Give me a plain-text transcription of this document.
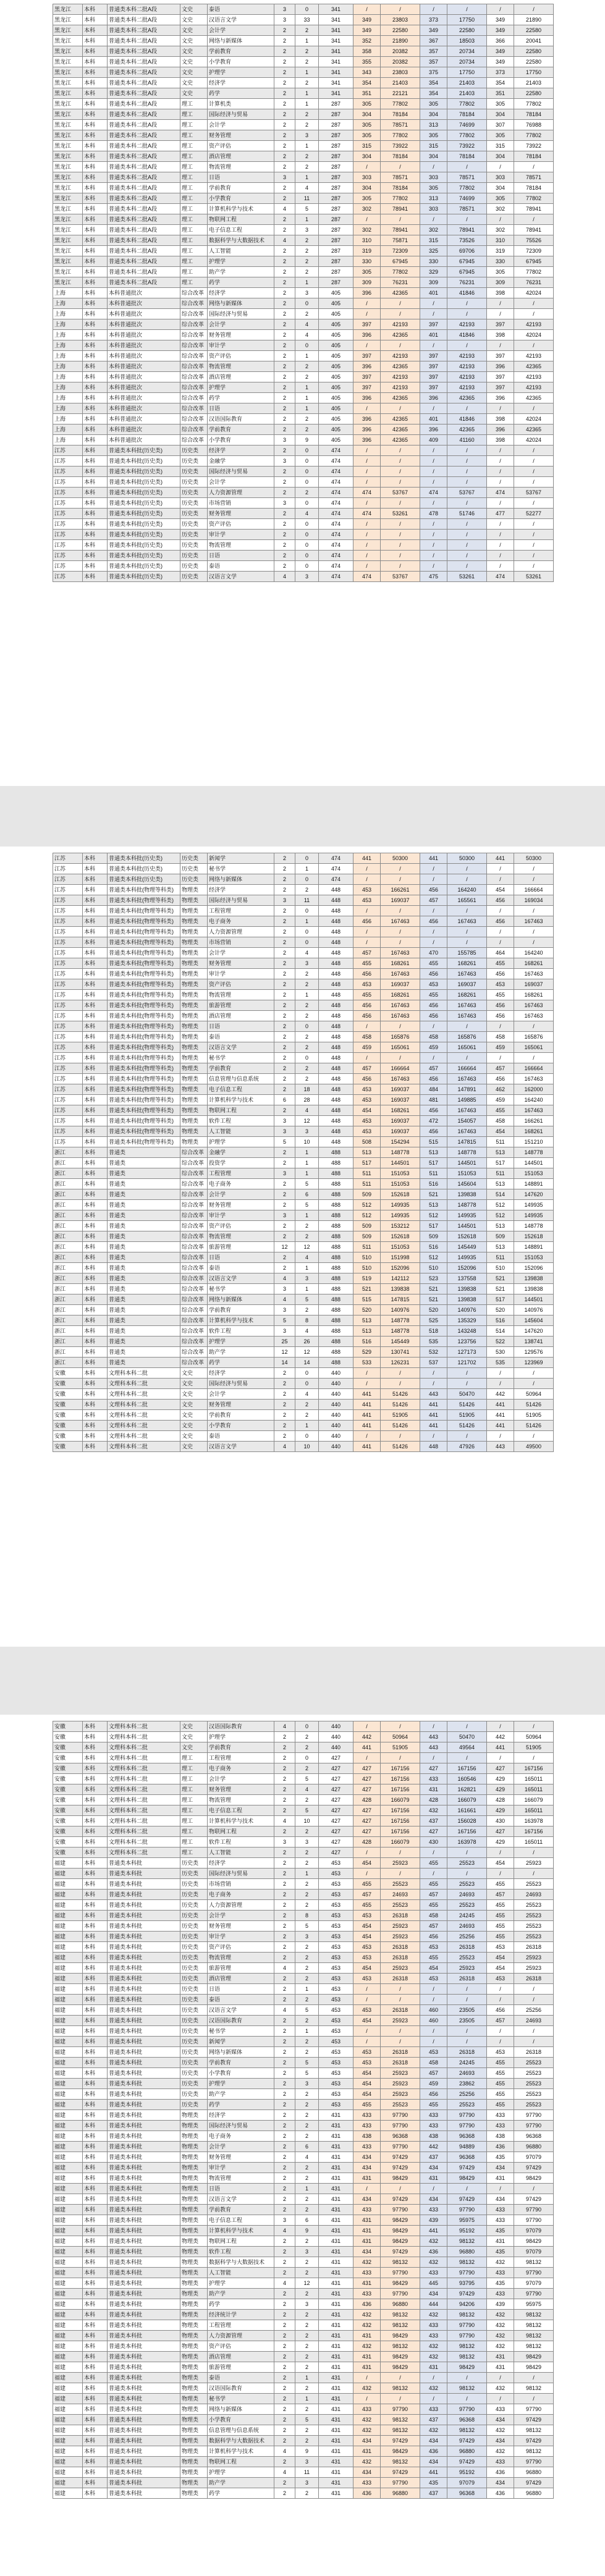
黑龙江	本科	普通类本科二批A段	文史	泰语	3	0	341	/	/	/	/	/	/
黑龙江	本科	普通类本科二批A段	文史	汉语言文学	3	33	341	349	23803	373	17750	349	21890
黑龙江	本科	普通类本科二批A段	文史	会计学	2	2	341	349	22580	349	22580	349	22580
黑龙江	本科	普通类本科二批A段	文史	网络与新媒体	2	1	341	352	21890	367	18503	366	20041
黑龙江	本科	普通类本科二批A段	文史	学前教育	2	2	341	358	20382	357	20734	349	22580
黑龙江	本科	普通类本科二批A段	文史	小学教育	2	2	341	355	20382	357	20734	349	22580
黑龙江	本科	普通类本科二批A段	文史	护理学	2	1	341	343	23803	375	17750	373	17750
黑龙江	本科	普通类本科二批A段	文史	经济学	2	2	341	354	21403	354	21403	354	21403
黑龙江	本科	普通类本科二批A段	文史	药学	2	1	341	351	22121	354	21403	351	22580
黑龙江	本科	普通类本科二批A段	理工	计算机类	2	1	287	305	77802	305	77802	305	77802
黑龙江	本科	普通类本科二批A段	理工	国际经济与贸易	2	2	287	304	78184	304	78184	304	78184
黑龙江	本科	普通类本科二批A段	理工	会计学	2	2	287	305	78571	313	74699	307	76988
黑龙江	本科	普通类本科二批A段	理工	财务管理	2	3	287	305	77802	305	77802	305	77802
黑龙江	本科	普通类本科二批A段	理工	资产评估	2	1	287	315	73922	315	73922	315	73922
黑龙江	本科	普通类本科二批A段	理工	酒店管理	2	2	287	304	78184	304	78184	304	78184
黑龙江	本科	普通类本科二批A段	理工	物流管理	2	2	287	/	/	/	/	/	/
黑龙江	本科	普通类本科二批A段	理工	日语	3	1	287	303	78571	303	78571	303	78571
黑龙江	本科	普通类本科二批A段	理工	学前教育	2	4	287	304	78184	305	77802	304	78184
黑龙江	本科	普通类本科二批A段	理工	小学教育	2	11	287	305	77802	313	74699	305	77802
黑龙江	本科	普通类本科二批A段	理工	计算机科学与技术	4	5	287	302	78941	303	78571	302	78941
黑龙江	本科	普通类本科二批A段	理工	物联网工程	2	1	287	/	/	/	/	/	/
黑龙江	本科	普通类本科二批A段	理工	电子信息工程	2	3	287	302	78941	302	78941	302	78941
黑龙江	本科	普通类本科二批A段	理工	数据科学与大数据技术	4	2	287	310	75871	315	73526	310	75526
黑龙江	本科	普通类本科二批A段	理工	人工智能	2	2	287	319	72309	325	69706	319	72309
黑龙江	本科	普通类本科二批A段	理工	护理学	2	2	287	330	67945	330	67945	330	67945
黑龙江	本科	普通类本科二批A段	理工	助产学	2	2	287	305	77802	329	67945	305	77802
黑龙江	本科	普通类本科二批A段	理工	药学	2	1	287	309	76231	309	76231	309	76231
上海	本科	本科普通批次	综合改革	经济学	2	3	405	396	42365	401	41846	398	42024
上海	本科	本科普通批次	综合改革	网络与新媒体	2	0	405	/	/	/	/	/	/
上海	本科	本科普通批次	综合改革	国际经济与贸易	2	2	405	/	/	/	/	/	/
上海	本科	本科普通批次	综合改革	会计学	2	4	405	397	42193	397	42193	397	42193
上海	本科	本科普通批次	综合改革	财务管理	2	4	405	396	42365	401	41846	398	42024
上海	本科	本科普通批次	综合改革	审计学	2	0	405	/	/	/	/	/	/
上海	本科	本科普通批次	综合改革	资产评估	2	1	405	397	42193	397	42193	397	42193
上海	本科	本科普通批次	综合改革	物流管理	2	2	405	396	42365	397	42193	396	42365
上海	本科	本科普通批次	综合改革	酒店管理	2	2	405	397	42193	397	42193	397	42193
上海	本科	本科普通批次	综合改革	护理学	2	1	405	397	42193	397	42193	397	42193
上海	本科	本科普通批次	综合改革	药学	2	1	405	396	42365	396	42365	396	42365
上海	本科	本科普通批次	综合改革	日语	2	1	405	/	/	/	/	/	/
上海	本科	本科普通批次	综合改革	汉语国际教育	2	2	405	396	42365	401	41846	398	42024
上海	本科	本科普通批次	综合改革	学前教育	2	2	405	396	42365	396	42365	396	42365
上海	本科	本科普通批次	综合改革	小学教育	3	9	405	396	42365	409	41160	398	42024
江苏	本科	普通类本科批(历史类)	历史类	经济学	2	0	474	/	/	/	/	/	/
江苏	本科	普通类本科批(历史类)	历史类	金融学	3	0	474	/	/	/	/	/	/
江苏	本科	普通类本科批(历史类)	历史类	国际经济与贸易	2	0	474	/	/	/	/	/	/
江苏	本科	普通类本科批(历史类)	历史类	会计学	2	0	474	/	/	/	/	/	/
江苏	本科	普通类本科批(历史类)	历史类	人力资源管理	2	2	474	474	53767	474	53767	474	53767
江苏	本科	普通类本科批(历史类)	历史类	市场营销	3	0	474	/	/	/	/	/	/
江苏	本科	普通类本科批(历史类)	历史类	财务管理	2	4	474	474	53261	478	51746	477	52277
江苏	本科	普通类本科批(历史类)	历史类	资产评估	2	0	474	/	/	/	/	/	/
江苏	本科	普通类本科批(历史类)	历史类	审计学	2	0	474	/	/	/	/	/	/
江苏	本科	普通类本科批(历史类)	历史类	物流管理	2	0	474	/	/	/	/	/	/
江苏	本科	普通类本科批(历史类)	历史类	日语	2	0	474	/	/	/	/	/	/
江苏	本科	普通类本科批(历史类)	历史类	泰语	2	0	474	/	/	/	/	/	/
江苏	本科	普通类本科批(历史类)	历史类	汉语言文学	4	3	474	474	53767	475	53261	474	53261
江苏	本科	普通类本科批(历史类)	历史类	新闻学	2	0	474	441	50300	441	50300	441	50300
江苏	本科	普通类本科批(历史类)	历史类	秘书学	2	1	474	/	/	/	/	/	/
江苏	本科	普通类本科批(历史类)	历史类	网络与新媒体	2	0	474	/	/	/	/	/	/
江苏	本科	普通类本科批(物理等科类)	物理类	经济学	2	2	448	453	166261	456	164240	454	166664
江苏	本科	普通类本科批(物理等科类)	物理类	国际经济与贸易	3	11	448	453	169037	457	165561	456	169034
江苏	本科	普通类本科批(物理等科类)	物理类	工程管理	2	0	448	/	/	/	/	/	/
江苏	本科	普通类本科批(物理等科类)	物理类	电子商务	2	1	448	456	167463	456	167463	456	167463
江苏	本科	普通类本科批(物理等科类)	物理类	人力资源管理	2	0	448	/	/	/	/	/	/
江苏	本科	普通类本科批(物理等科类)	物理类	市场营销	2	0	448	/	/	/	/	/	/
江苏	本科	普通类本科批(物理等科类)	物理类	会计学	2	4	448	457	167463	470	155785	464	164240
江苏	本科	普通类本科批(物理等科类)	物理类	财务管理	2	3	448	455	168261	455	168261	455	168261
江苏	本科	普通类本科批(物理等科类)	物理类	审计学	2	2	448	456	167463	456	167463	456	167463
江苏	本科	普通类本科批(物理等科类)	物理类	资产评估	2	2	448	453	169037	453	169037	453	169037
江苏	本科	普通类本科批(物理等科类)	物理类	物流管理	2	1	448	455	168261	455	168261	455	168261
江苏	本科	普通类本科批(物理等科类)	物理类	旅游管理	2	2	448	456	167463	456	167463	456	167463
江苏	本科	普通类本科批(物理等科类)	物理类	酒店管理	2	2	448	456	167463	456	167463	456	167463
江苏	本科	普通类本科批(物理等科类)	物理类	日语	2	0	448	/	/	/	/	/	/
江苏	本科	普通类本科批(物理等科类)	物理类	泰语	2	2	448	458	165876	458	165876	458	165876
江苏	本科	普通类本科批(物理等科类)	物理类	汉语言文学	2	2	448	459	165061	459	165061	459	165061
江苏	本科	普通类本科批(物理等科类)	物理类	秘书学	2	0	448	/	/	/	/	/	/
江苏	本科	普通类本科批(物理等科类)	物理类	学前教育	2	2	448	457	166664	457	166664	457	166664
江苏	本科	普通类本科批(物理等科类)	物理类	信息管理与信息系统	2	2	448	456	167463	456	167463	456	167463
江苏	本科	普通类本科批(物理等科类)	物理类	电子信息工程	2	18	448	453	169037	484	147891	462	162000
江苏	本科	普通类本科批(物理等科类)	物理类	计算机科学与技术	6	28	448	453	169037	481	149885	459	164240
江苏	本科	普通类本科批(物理等科类)	物理类	物联网工程	2	4	448	454	168261	456	167463	455	167463
江苏	本科	普通类本科批(物理等科类)	物理类	软件工程	3	12	448	453	169037	472	154057	458	166261
江苏	本科	普通类本科批(物理等科类)	物理类	人工智能	3	3	448	453	169037	456	167463	454	168261
江苏	本科	普通类本科批(物理等科类)	物理类	护理学	5	10	448	508	154294	515	147815	511	151210
浙江	本科	普通类	综合改革	金融学	2	1	488	513	148778	513	148778	513	148778
浙江	本科	普通类	综合改革	投资学	2	1	488	517	144501	517	144501	517	144501
浙江	本科	普通类	综合改革	工程管理	3	1	488	511	151053	511	151053	511	151053
浙江	本科	普通类	综合改革	电子商务	2	5	488	511	151053	516	145604	513	148891
浙江	本科	普通类	综合改革	会计学	2	6	488	509	152618	521	139838	514	147620
浙江	本科	普通类	综合改革	财务管理	2	5	488	512	149935	513	148778	512	149935
浙江	本科	普通类	综合改革	审计学	3	1	488	512	149935	512	149935	512	149935
浙江	本科	普通类	综合改革	资产评估	2	2	488	509	153212	517	144501	513	148778
浙江	本科	普通类	综合改革	物流管理	2	2	488	509	152618	509	152618	509	152618
浙江	本科	普通类	综合改革	旅游管理	12	12	488	511	151053	516	145449	513	148891
浙江	本科	普通类	综合改革	日语	2	4	488	510	151998	512	149935	511	151053
浙江	本科	普通类	综合改革	泰语	2	1	488	510	152096	510	152096	510	152096
浙江	本科	普通类	综合改革	汉语言文学	4	3	488	519	142112	523	137558	521	139838
浙江	本科	普通类	综合改革	秘书学	3	1	488	521	139838	521	139838	521	139838
浙江	本科	普通类	综合改革	网络与新媒体	4	5	488	515	147815	521	139838	517	144501
浙江	本科	普通类	综合改革	学前教育	3	2	488	520	140976	520	140976	520	140976
浙江	本科	普通类	综合改革	计算机科学与技术	5	8	488	513	148778	525	135329	516	145604
浙江	本科	普通类	综合改革	软件工程	3	4	488	513	148778	518	143248	514	147620
浙江	本科	普通类	综合改革	护理学	25	26	488	516	145449	535	123756	522	138741
浙江	本科	普通类	综合改革	助产学	12	12	488	529	130741	532	127173	530	129576
浙江	本科	普通类	综合改革	药学	14	14	488	533	126231	537	121702	535	123969
安徽	本科	文理科本科二批	文史	经济学	2	0	440	/	/	/	/	/	/
安徽	本科	文理科本科二批	文史	国际经济与贸易	2	0	440	/	/	/	/	/	/
安徽	本科	文理科本科二批	文史	会计学	2	4	440	441	51426	443	50470	442	50964
安徽	本科	文理科本科二批	文史	财务管理	2	2	440	441	51426	441	51426	441	51426
安徽	本科	文理科本科二批	文史	学前教育	2	2	440	441	51905	441	51905	441	51905
安徽	本科	文理科本科二批	文史	小学教育	2	1	440	441	51426	441	51426	441	51426
安徽	本科	文理科本科二批	文史	泰语	2	0	440	/	/	/	/	/	/
安徽	本科	文理科本科二批	文史	汉语言文学	4	10	440	441	51426	448	47926	443	49500
安徽	本科	文理科本科二批	文史	汉语国际教育	4	0	440	/	/	/	/	/	/
安徽	本科	文理科本科二批	文史	护理学	2	2	440	442	50964	443	50470	442	50964
安徽	本科	文理科本科二批	文史	学前教育	2	2	440	441	51905	443	49564	441	51905
安徽	本科	文理科本科二批	理工	工程管理	2	0	427	/	/	/	/	/	/
安徽	本科	文理科本科二批	理工	电子商务	2	2	427	427	167156	427	167156	427	167156
安徽	本科	文理科本科二批	理工	会计学	2	5	427	427	167156	433	160546	429	165011
安徽	本科	文理科本科二批	理工	财务管理	2	4	427	427	167156	431	162821	429	165011
安徽	本科	文理科本科二批	理工	物流管理	2	2	427	428	166079	428	166079	428	166079
安徽	本科	文理科本科二批	理工	电子信息工程	2	5	427	427	167156	432	161661	429	165011
安徽	本科	文理科本科二批	理工	计算机科学与技术	4	10	427	427	167156	437	156028	430	163978
安徽	本科	文理科本科二批	理工	物联网工程	2	2	427	427	167156	427	167156	427	167156
安徽	本科	文理科本科二批	理工	软件工程	3	3	427	428	166079	430	163978	429	165011
安徽	本科	文理科本科二批	理工	人工智能	2	2	427	/	/	/	/	/	/
福建	本科	普通类本科批	历史类	经济学	2	2	453	454	25923	455	25523	454	25923
福建	本科	普通类本科批	历史类	国际经济与贸易	2	1	453	/	/	/	/	/	/
福建	本科	普通类本科批	历史类	市场营销	2	2	453	455	25523	455	25523	455	25523
福建	本科	普通类本科批	历史类	电子商务	2	2	453	457	24693	457	24693	457	24693
福建	本科	普通类本科批	历史类	人力资源管理	2	2	453	455	25523	455	25523	455	25523
福建	本科	普通类本科批	历史类	会计学	2	8	453	453	26318	458	24245	455	25523
福建	本科	普通类本科批	历史类	财务管理	2	5	453	454	25923	457	24693	455	25523
福建	本科	普通类本科批	历史类	审计学	2	3	453	454	25923	456	25256	455	25523
福建	本科	普通类本科批	历史类	资产评估	2	2	453	453	26318	453	26318	453	26318
福建	本科	普通类本科批	历史类	物流管理	2	2	453	453	26318	455	25523	454	25923
福建	本科	普通类本科批	历史类	旅游管理	4	2	453	454	25923	454	25923	454	25923
福建	本科	普通类本科批	历史类	酒店管理	2	2	453	453	26318	453	26318	453	26318
福建	本科	普通类本科批	历史类	日语	2	1	453	/	/	/	/	/	/
福建	本科	普通类本科批	历史类	泰语	2	2	453	/	/	/	/	/	/
福建	本科	普通类本科批	历史类	汉语言文学	4	5	453	453	26318	460	23505	456	25256
福建	本科	普通类本科批	历史类	汉语国际教育	2	2	453	454	25923	460	23505	457	24693
福建	本科	普通类本科批	历史类	秘书学	2	1	453	/	/	/	/	/	/
福建	本科	普通类本科批	历史类	新闻学	2	2	453	/	/	/	/	/	/
福建	本科	普通类本科批	历史类	网络与新媒体	2	2	453	453	26318	453	26318	453	26318
福建	本科	普通类本科批	历史类	学前教育	2	5	453	453	26318	458	24245	455	25523
福建	本科	普通类本科批	历史类	小学教育	2	5	453	454	25923	457	24693	455	25523
福建	本科	普通类本科批	历史类	护理学	2	3	453	454	25923	459	23862	455	25523
福建	本科	普通类本科批	历史类	助产学	2	2	453	454	25923	456	25256	455	25523
福建	本科	普通类本科批	历史类	药学	2	2	453	455	25523	455	25523	455	25523
福建	本科	普通类本科批	物理类	经济学	2	2	431	433	97790	433	97790	433	97790
福建	本科	普通类本科批	物理类	国际经济与贸易	2	2	431	433	97790	433	97790	433	97790
福建	本科	普通类本科批	物理类	电子商务	2	2	431	438	96368	438	96368	438	96368
福建	本科	普通类本科批	物理类	会计学	2	6	431	433	97790	442	94889	436	96880
福建	本科	普通类本科批	物理类	财务管理	2	4	431	434	97429	437	96368	435	97079
福建	本科	普通类本科批	物理类	审计学	2	2	431	434	97429	434	97429	434	97429
福建	本科	普通类本科批	物理类	物流管理	2	2	431	431	98429	431	98429	431	98429
福建	本科	普通类本科批	物理类	日语	2	1	431	/	/	/	/	/	/
福建	本科	普通类本科批	物理类	汉语言文学	2	2	431	434	97429	434	97429	434	97429
福建	本科	普通类本科批	物理类	学前教育	2	2	431	433	97790	433	97790	433	97790
福建	本科	普通类本科批	物理类	电子信息工程	3	6	431	431	98429	439	95975	433	97790
福建	本科	普通类本科批	物理类	计算机科学与技术	4	9	431	431	98429	441	95192	435	97079
福建	本科	普通类本科批	物理类	物联网工程	2	2	431	431	98429	432	98132	431	98429
福建	本科	普通类本科批	物理类	软件工程	2	3	431	434	97429	436	96880	435	97079
福建	本科	普通类本科批	物理类	数据科学与大数据技术	2	2	431	432	98132	432	98132	432	98132
福建	本科	普通类本科批	物理类	人工智能	2	2	431	433	97790	433	97790	433	97790
福建	本科	普通类本科批	物理类	护理学	4	12	431	431	98429	445	93795	435	97079
福建	本科	普通类本科批	物理类	助产学	2	2	431	433	97790	434	97429	433	97790
福建	本科	普通类本科批	物理类	药学	2	3	431	436	96880	444	94206	439	95975
福建	本科	普通类本科批	物理类	经济统计学	2	2	431	432	98132	432	98132	432	98132
福建	本科	普通类本科批	物理类	工程管理	2	2	431	432	98132	433	97790	432	98132
福建	本科	普通类本科批	物理类	人力资源管理	2	2	431	431	98429	433	97790	432	98132
福建	本科	普通类本科批	物理类	资产评估	2	2	431	432	98132	432	98132	432	98132
福建	本科	普通类本科批	物理类	酒店管理	2	2	431	431	98429	432	98132	431	98429
福建	本科	普通类本科批	物理类	旅游管理	2	2	431	431	98429	431	98429	431	98429
福建	本科	普通类本科批	物理类	泰语	2	1	431	/	/	/	/	/	/
福建	本科	普通类本科批	物理类	汉语国际教育	2	2	431	432	98132	432	98132	432	98132
福建	本科	普通类本科批	物理类	秘书学	2	1	431	/	/	/	/	/	/
福建	本科	普通类本科批	物理类	网络与新媒体	2	2	431	433	97790	433	97790	433	97790
福建	本科	普通类本科批	物理类	小学教育	2	5	431	432	98132	437	96368	434	97429
福建	本科	普通类本科批	物理类	信息管理与信息系统	2	2	431	432	98132	432	98132	432	98132
福建	本科	普通类本科批	物理类	数据科学与大数据技术	2	2	431	434	97429	434	97429	434	97429
福建	本科	普通类本科批	物理类	计算机科学与技术	4	9	431	431	98429	436	96880	432	98132
福建	本科	普通类本科批	物理类	物联网工程	2	3	431	432	98132	434	97429	433	97790
福建	本科	普通类本科批	物理类	护理学	4	11	431	434	97429	441	95192	436	96880
福建	本科	普通类本科批	物理类	助产学	2	3	431	433	97790	435	97079	434	97429
福建	本科	普通类本科批	物理类	药学	2	2	431	436	96880	437	96368	436	96880
